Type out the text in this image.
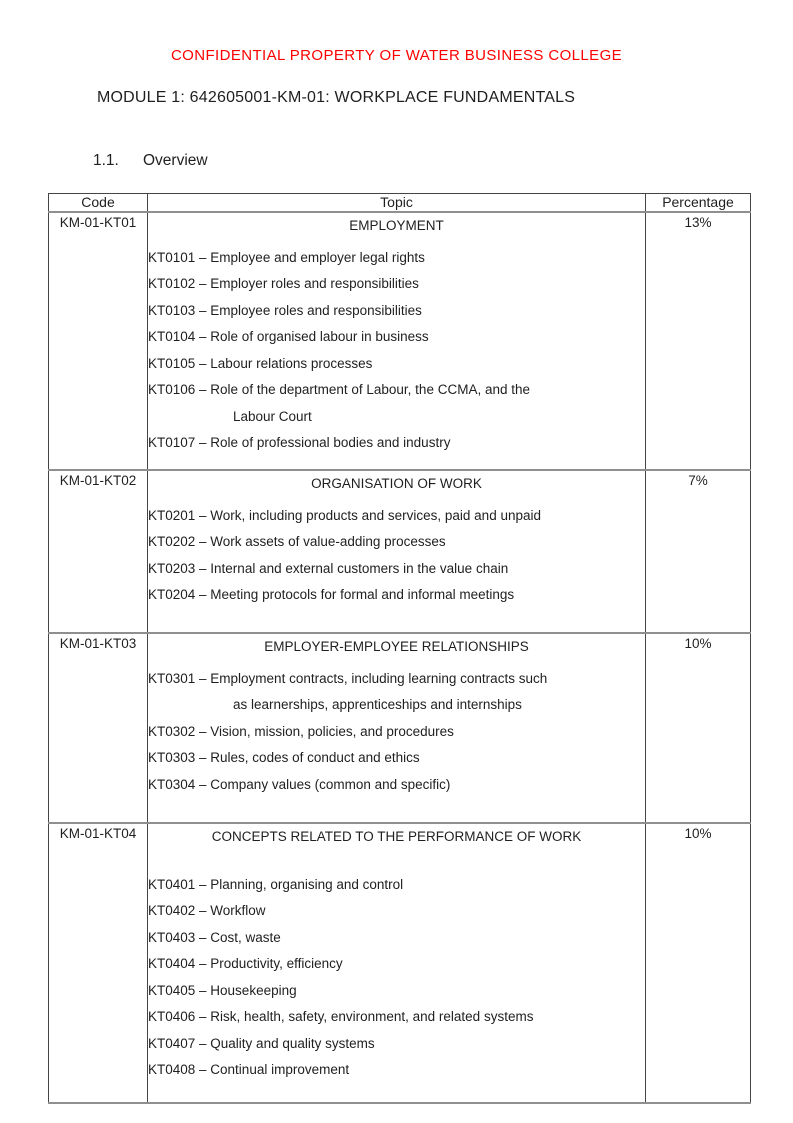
CONFIDENTIAL PROPERTY OF WATER BUSINESS COLLEGE
MODULE 1: 642605001-KM-01: WORKPLACE FUNDAMENTALS
1.1. Overview
Code	Topic	Percentage
KM-01-KT01	EMPLOYMENT
KT0101 – Employee and employer legal rights
KT0102 – Employer roles and responsibilities
KT0103 – Employee roles and responsibilities
KT0104 – Role of organised labour in business
KT0105 – Labour relations processes
KT0106 – Role of the department of Labour, the CCMA, and the
Labour Court
KT0107 – Role of professional bodies and industry
	13%
KM-01-KT02	ORGANISATION OF WORK
KT0201 – Work, including products and services, paid and unpaid
KT0202 – Work assets of value-adding processes
KT0203 – Internal and external customers in the value chain
KT0204 – Meeting protocols for formal and informal meetings	7%
KM-01-KT03	EMPLOYER-EMPLOYEE RELATIONSHIPS
KT0301 – Employment contracts, including learning contracts such
as learnerships, apprenticeships and internships
KT0302 – Vision, mission, policies, and procedures
KT0303 – Rules, codes of conduct and ethics
KT0304 – Company values (common and specific)
	10%
KM-01-KT04	CONCEPTS RELATED TO THE PERFORMANCE OF WORK
KT0401 – Planning, organising and control
KT0402 – Workflow
KT0403 – Cost, waste
KT0404 – Productivity, efficiency
KT0405 – Housekeeping
KT0406 – Risk, health, safety, environment, and related systems
KT0407 – Quality and quality systems
KT0408 – Continual improvement
	10%
